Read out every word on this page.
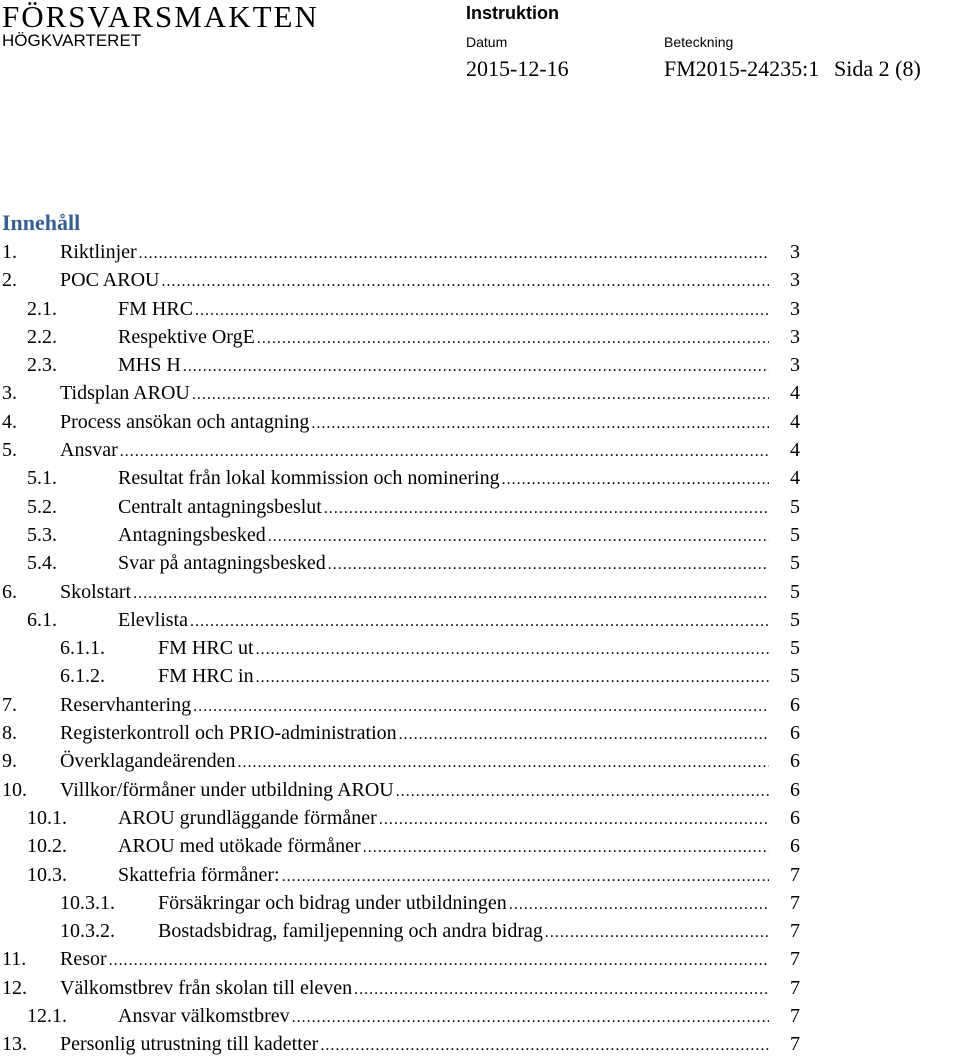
FÖRSVARSMAKTEN
HÖGKVARTERET
Instruktion
Datum	Beteckning
2015-12-16	FM2015-24235:1 Sida 2 (8)
Innehåll
1. Riktlinjer .....	3
2. POC AROU .....	3
2.1.	FM HRC .....	3
2.2.	Respektive OrgE .....	3
2.3.	MHS H .....	3
3. Tidsplan AROU .....	4
4. Process ansökan och antagning .....	4
5. Ansvar .....	4
5.1.	Resultat från lokal kommission och nominering .....	4
5.2.	Centralt antagningsbeslut .....	5
5.3.	Antagningsbesked .....	5
5.4.	Svar på antagningsbesked .....	5
6. Skolstart .....	5
6.1.	Elevlista .....	5
6.1.1.	FM HRC ut .....	5
6.1.2.	FM HRC in .....	5
7. Reservhantering .....	6
8. Registerkontroll och PRIO-administration .....	6
9. Överklagandeärenden .....	6
10. Villkor/förmåner under utbildning AROU .....	6
10.1.	AROU grundläggande förmåner .....	6
10.2.	AROU med utökade förmåner .....	6
10.3.	Skattefria förmåner: .....	7
10.3.1. Försäkringar och bidrag under utbildningen .....	7
10.3.2. Bostadsbidrag, familjepenning och andra bidrag .....	7
11. Resor .....	7
12. Välkomstbrev från skolan till eleven .....	7
12.1.	Ansvar välkomstbrev .....	7
13. Personlig utrustning till kadetter .....	7
